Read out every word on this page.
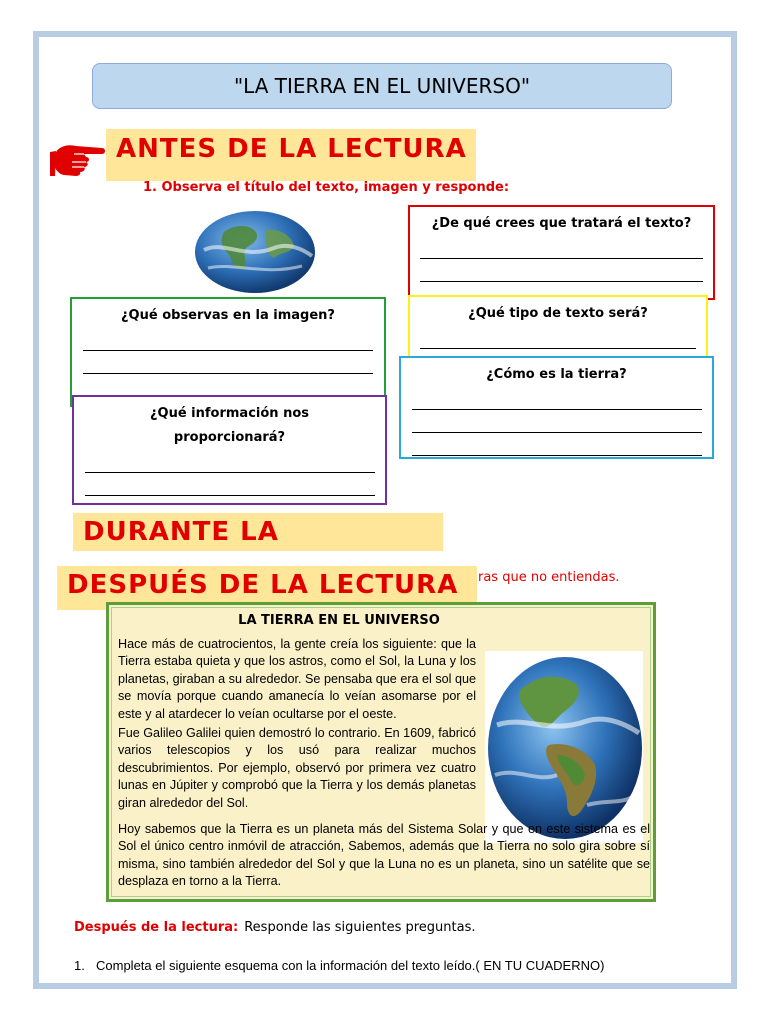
"LA TIERRA EN EL UNIVERSO"
ANTES DE LA LECTURA
1. Observa el título del texto, imagen y responde:
¿De qué crees que tratará el texto?
¿Qué observas en la imagen?	¿Qué tipo de texto será?
¿Cómo es la tierra?
¿Qué información nos proporcionará?
DURANTE LA
ras que no entiendas.
DESPUÉS DE LA LECTURA
LA TIERRA EN EL UNIVERSO
Hace más de cuatrocientos, la gente creía los siguiente: que la Tierra estaba quieta y que los astros, como el Sol, la Luna y los planetas, giraban a su alrededor. Se pensaba que era el sol que se movía porque cuando amanecía lo veían asomarse por el este y al atardecer lo veían ocultarse por el oeste.
Fue Galileo Galilei quien demostró lo contrario. En 1609, fabricó varios telescopios y los usó para realizar muchos descubrimientos. Por ejemplo, observó por primera vez cuatro lunas en Júpiter y comprobó que la Tierra y los demás planetas giran alrededor del Sol.
Hoy sabemos que la Tierra es un planeta más del Sistema Solar y que en este sistema es el Sol el único centro inmóvil de atracción, Sabemos, además que la Tierra no solo gira sobre sí misma, sino también alrededor del Sol y que la Luna no es un planeta, sino un satélite que se desplaza en torno a la Tierra.
Después de la lectura: Responde las siguientes preguntas.
1. Completa el siguiente esquema con la información del texto leído.( EN TU CUADERNO)
